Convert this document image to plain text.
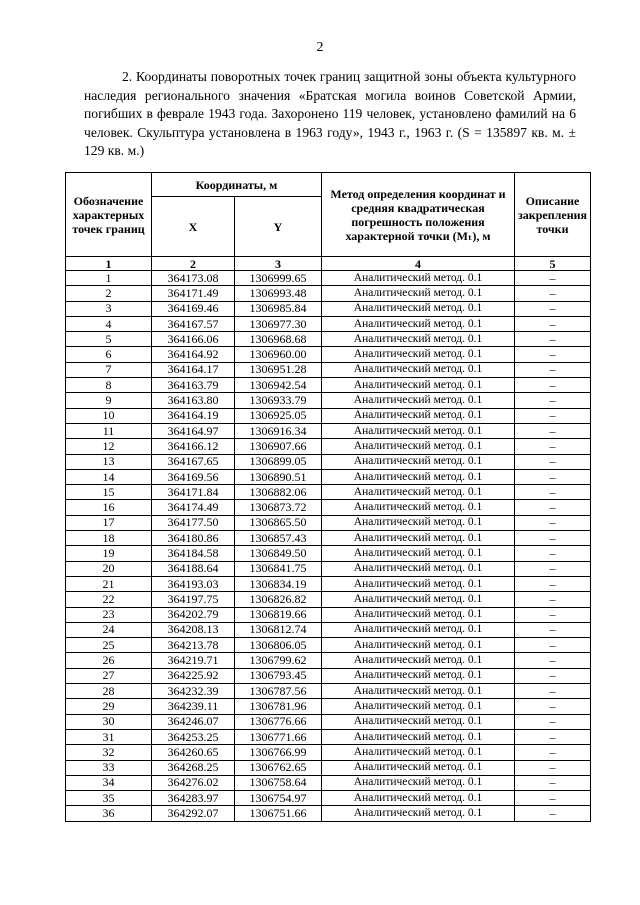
2
2. Координаты поворотных точек границ защитной зоны объекта культурного наследия регионального значения «Братская могила воинов Советской Армии, погибших в феврале 1943 года. Захоронено 119 человек, установлено фамилий на 6 человек. Скульптура установлена в 1963 году», 1943 г., 1963 г. (S = 135897 кв. м. ± 129 кв. м.)
Обозначение характерных точек границ	Координаты, м		Метод определения координат и средняя квадратическая погрешность положения характерной точки (Mₜ), м	Описание закрепления точки
	X	Y		
1	2	3	4	5
1	364173.08	1306999.65	Аналитический метод. 0.1	–
2	364171.49	1306993.48	Аналитический метод. 0.1	–
3	364169.46	1306985.84	Аналитический метод. 0.1	–
4	364167.57	1306977.30	Аналитический метод. 0.1	–
5	364166.06	1306968.68	Аналитический метод. 0.1	–
6	364164.92	1306960.00	Аналитический метод. 0.1	–
7	364164.17	1306951.28	Аналитический метод. 0.1	–
8	364163.79	1306942.54	Аналитический метод. 0.1	–
9	364163.80	1306933.79	Аналитический метод. 0.1	–
10	364164.19	1306925.05	Аналитический метод. 0.1	–
11	364164.97	1306916.34	Аналитический метод. 0.1	–
12	364166.12	1306907.66	Аналитический метод. 0.1	–
13	364167.65	1306899.05	Аналитический метод. 0.1	–
14	364169.56	1306890.51	Аналитический метод. 0.1	–
15	364171.84	1306882.06	Аналитический метод. 0.1	–
16	364174.49	1306873.72	Аналитический метод. 0.1	–
17	364177.50	1306865.50	Аналитический метод. 0.1	–
18	364180.86	1306857.43	Аналитический метод. 0.1	–
19	364184.58	1306849.50	Аналитический метод. 0.1	–
20	364188.64	1306841.75	Аналитический метод. 0.1	–
21	364193.03	1306834.19	Аналитический метод. 0.1	–
22	364197.75	1306826.82	Аналитический метод. 0.1	–
23	364202.79	1306819.66	Аналитический метод. 0.1	–
24	364208.13	1306812.74	Аналитический метод. 0.1	–
25	364213.78	1306806.05	Аналитический метод. 0.1	–
26	364219.71	1306799.62	Аналитический метод. 0.1	–
27	364225.92	1306793.45	Аналитический метод. 0.1	–
28	364232.39	1306787.56	Аналитический метод. 0.1	–
29	364239.11	1306781.96	Аналитический метод. 0.1	–
30	364246.07	1306776.66	Аналитический метод. 0.1	–
31	364253.25	1306771.66	Аналитический метод. 0.1	–
32	364260.65	1306766.99	Аналитический метод. 0.1	–
33	364268.25	1306762.65	Аналитический метод. 0.1	–
34	364276.02	1306758.64	Аналитический метод. 0.1	–
35	364283.97	1306754.97	Аналитический метод. 0.1	–
36	364292.07	1306751.66	Аналитический метод. 0.1	–
